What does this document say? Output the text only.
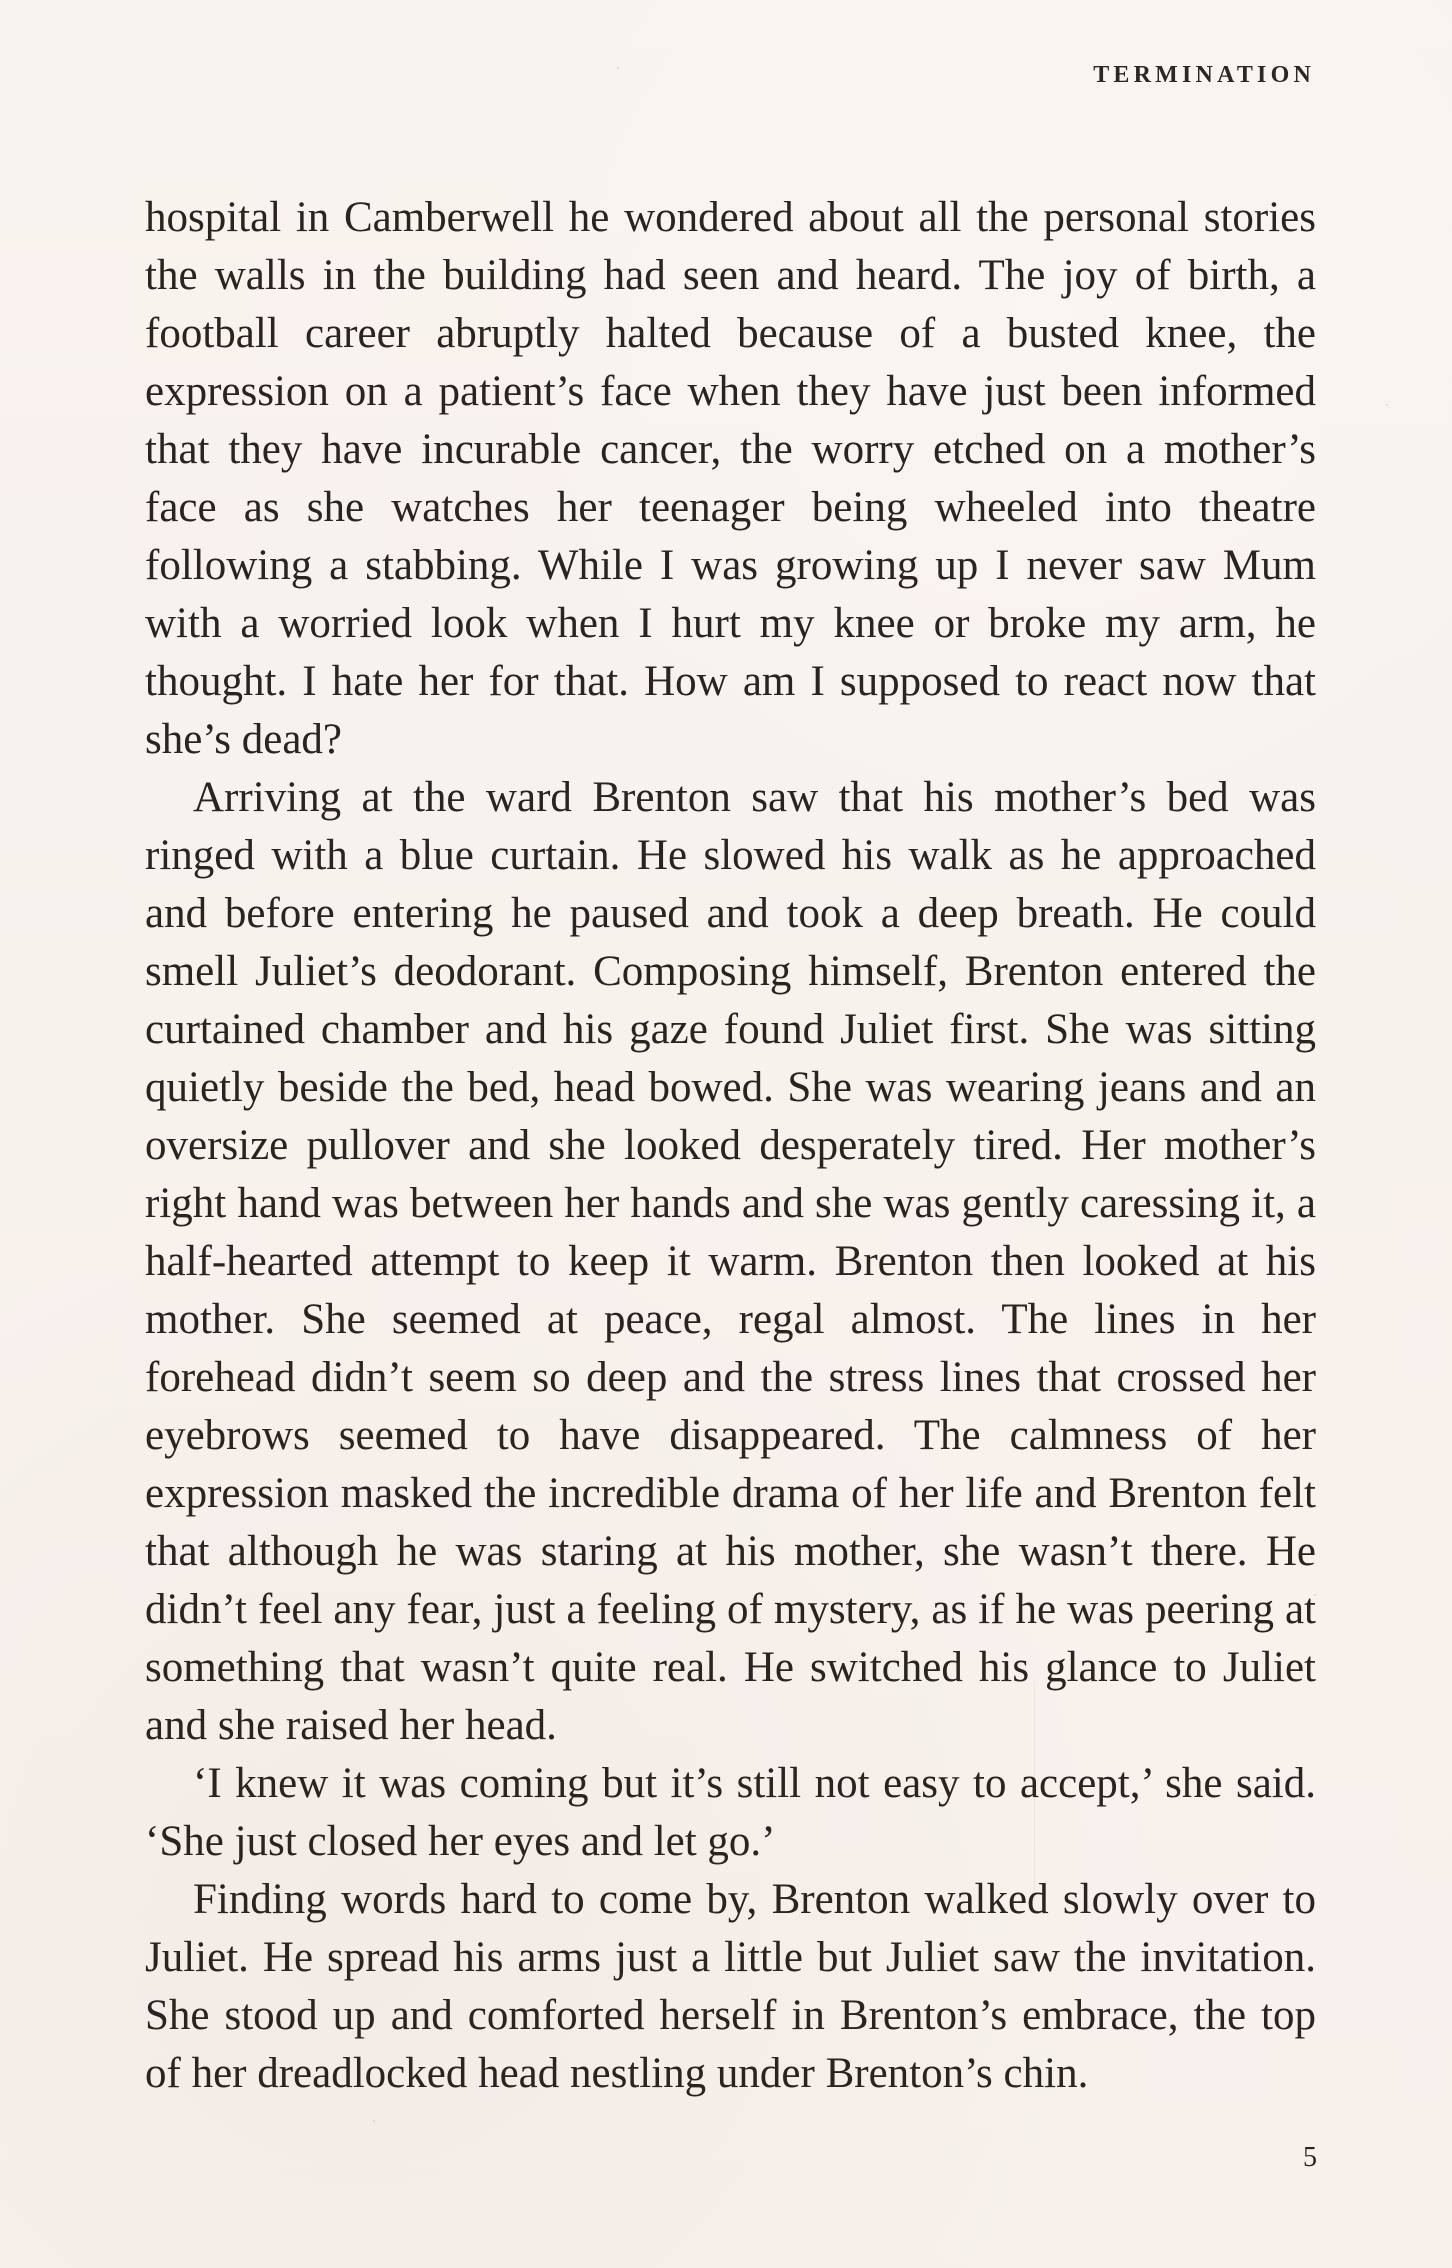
TERMINATION

hospital in Camberwell he wondered about all the personal stories the walls in the building had seen and heard. The joy of birth, a football career abruptly halted because of a busted knee, the expression on a patient’s face when they have just been informed that they have incurable cancer, the worry etched on a mother’s face as she watches her teenager being wheeled into theatre following a stabbing. While I was growing up I never saw Mum with a worried look when I hurt my knee or broke my arm, he thought. I hate her for that. How am I supposed to react now that she’s dead?

Arriving at the ward Brenton saw that his mother’s bed was ringed with a blue curtain. He slowed his walk as he approached and before entering he paused and took a deep breath. He could smell Juliet’s deodorant. Composing himself, Brenton entered the curtained chamber and his gaze found Juliet first. She was sitting quietly beside the bed, head bowed. She was wearing jeans and an oversize pullover and she looked desperately tired. Her mother’s right hand was between her hands and she was gently caressing it, a half-hearted attempt to keep it warm. Brenton then looked at his mother. She seemed at peace, regal almost. The lines in her forehead didn’t seem so deep and the stress lines that crossed her eyebrows seemed to have disappeared. The calmness of her expression masked the incredible drama of her life and Brenton felt that although he was staring at his mother, she wasn’t there. He didn’t feel any fear, just a feeling of mystery, as if he was peering at something that wasn’t quite real. He switched his glance to Juliet and she raised her head.

‘I knew it was coming but it’s still not easy to accept,’ she said. ‘She just closed her eyes and let go.’

Finding words hard to come by, Brenton walked slowly over to Juliet. He spread his arms just a little but Juliet saw the invitation. She stood up and comforted herself in Brenton’s embrace, the top of her dreadlocked head nestling under Brenton’s chin.

5
